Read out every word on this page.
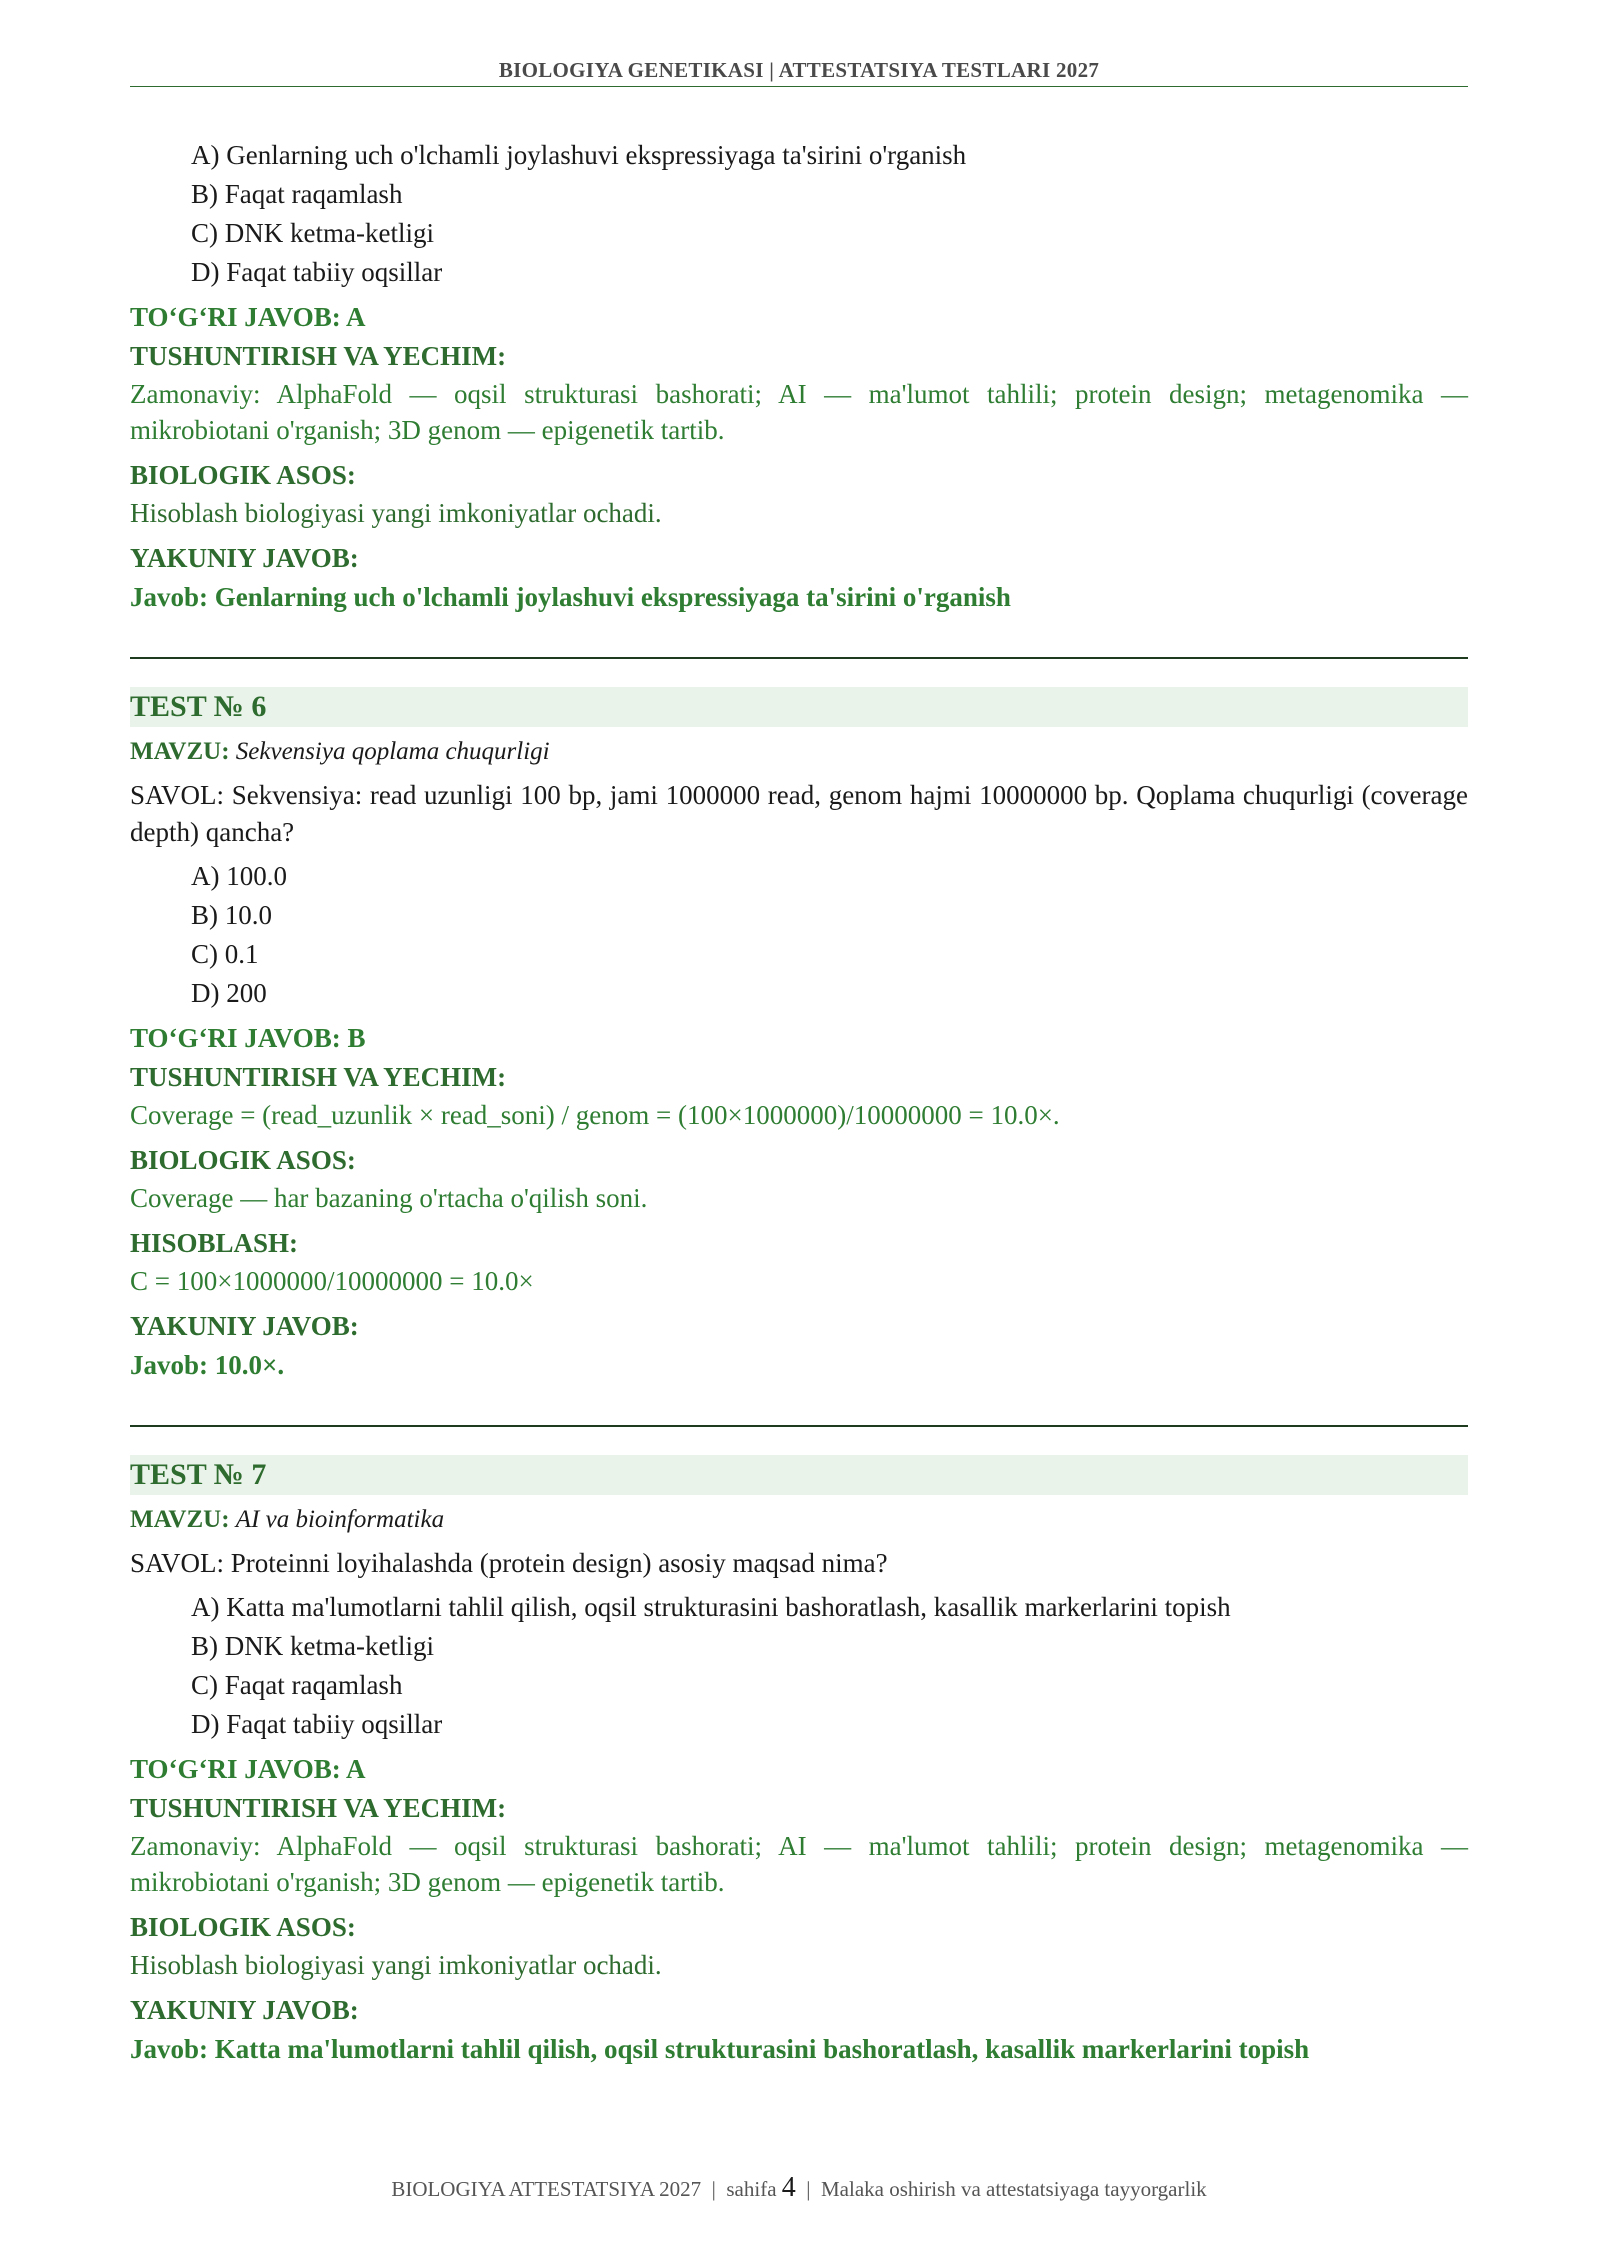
BIOLOGIYA GENETIKASI | ATTESTATSIYA TESTLARI 2027
A) Genlarning uch o'lchamli joylashuvi ekspressiyaga ta'sirini o'rganish
B) Faqat raqamlash
C) DNK ketma-ketligi
D) Faqat tabiiy oqsillar
TO‘G‘RI JAVOB: A
TUSHUNTIRISH VA YECHIM:
Zamonaviy: AlphaFold — oqsil strukturasi bashorati; AI — ma'lumot tahlili; protein design; metagenomika — mikrobiotani o'rganish; 3D genom — epigenetik tartib.
BIOLOGIK ASOS:
Hisoblash biologiyasi yangi imkoniyatlar ochadi.
YAKUNIY JAVOB:
Javob: Genlarning uch o'lchamli joylashuvi ekspressiyaga ta'sirini o'rganish
TEST № 6
MAVZU: Sekvensiya qoplama chuqurligi
SAVOL: Sekvensiya: read uzunligi 100 bp, jami 1000000 read, genom hajmi 10000000 bp. Qoplama chuqurligi (coverage depth) qancha?
A) 100.0
B) 10.0
C) 0.1
D) 200
TO‘G‘RI JAVOB: B
TUSHUNTIRISH VA YECHIM:
Coverage = (read_uzunlik × read_soni) / genom = (100×1000000)/10000000 = 10.0×.
BIOLOGIK ASOS:
Coverage — har bazaning o'rtacha o'qilish soni.
HISOBLASH:
C = 100×1000000/10000000 = 10.0×
YAKUNIY JAVOB:
Javob: 10.0×.
TEST № 7
MAVZU: AI va bioinformatika
SAVOL: Proteinni loyihalashda (protein design) asosiy maqsad nima?
A) Katta ma'lumotlarni tahlil qilish, oqsil strukturasini bashoratlash, kasallik markerlarini topish
B) DNK ketma-ketligi
C) Faqat raqamlash
D) Faqat tabiiy oqsillar
TO‘G‘RI JAVOB: A
TUSHUNTIRISH VA YECHIM:
Zamonaviy: AlphaFold — oqsil strukturasi bashorati; AI — ma'lumot tahlili; protein design; metagenomika — mikrobiotani o'rganish; 3D genom — epigenetik tartib.
BIOLOGIK ASOS:
Hisoblash biologiyasi yangi imkoniyatlar ochadi.
YAKUNIY JAVOB:
Javob: Katta ma'lumotlarni tahlil qilish, oqsil strukturasini bashoratlash, kasallik markerlarini topish
BIOLOGIYA ATTESTATSIYA 2027 | sahifa 4 | Malaka oshirish va attestatsiyaga tayyorgarlik
